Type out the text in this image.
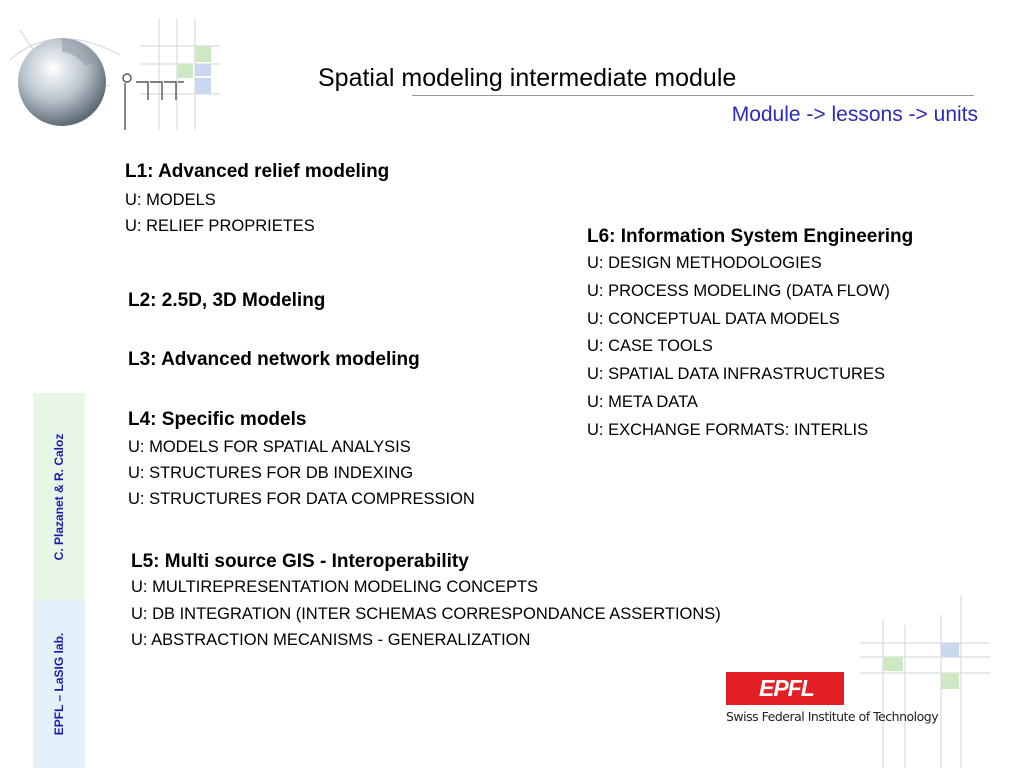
Spatial modeling intermediate module
Module -> lessons -> units
L1: Advanced relief modeling
U: MODELS
U: RELIEF PROPRIETES
L2: 2.5D, 3D Modeling
L3: Advanced network modeling
L4: Specific models
U: MODELS FOR SPATIAL ANALYSIS
U: STRUCTURES FOR DB INDEXING
U: STRUCTURES FOR DATA COMPRESSION
L5: Multi source GIS - Interoperability
U: MULTIREPRESENTATION MODELING CONCEPTS
U: DB INTEGRATION (INTER SCHEMAS CORRESPONDANCE ASSERTIONS)
U: ABSTRACTION MECANISMS - GENERALIZATION
L6: Information System Engineering
U: DESIGN METHODOLOGIES
U: PROCESS MODELING (DATA FLOW)
U: CONCEPTUAL DATA MODELS
U: CASE TOOLS
U: SPATIAL DATA INFRASTRUCTURES
U: META DATA
U: EXCHANGE FORMATS: INTERLIS
C. Plazanet & R. Caloz
EPFL – LaSIG lab.	EPFL
Swiss Federal Institute of Technology
